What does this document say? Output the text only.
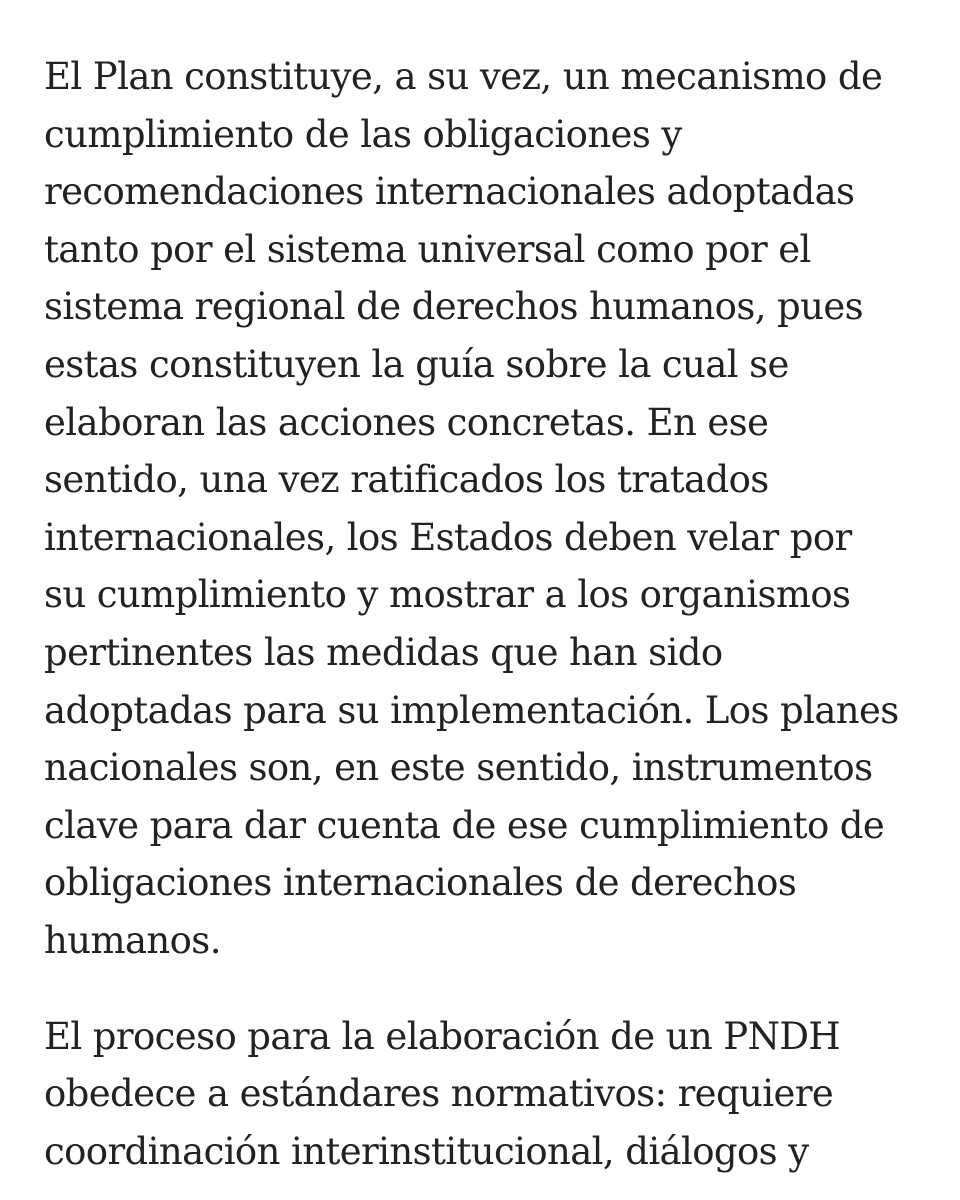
El Plan constituye, a su vez, un mecanismo de
cumplimiento de las obligaciones y
recomendaciones internacionales adoptadas
tanto por el sistema universal como por el
sistema regional de derechos humanos, pues
estas constituyen la guía sobre la cual se
elaboran las acciones concretas. En ese
sentido, una vez ratificados los tratados
internacionales, los Estados deben velar por
su cumplimiento y mostrar a los organismos
pertinentes las medidas que han sido
adoptadas para su implementación. Los planes
nacionales son, en este sentido, instrumentos
clave para dar cuenta de ese cumplimiento de
obligaciones internacionales de derechos
humanos.
El proceso para la elaboración de un PNDH
obedece a estándares normativos: requiere
coordinación interinstitucional, diálogos y
